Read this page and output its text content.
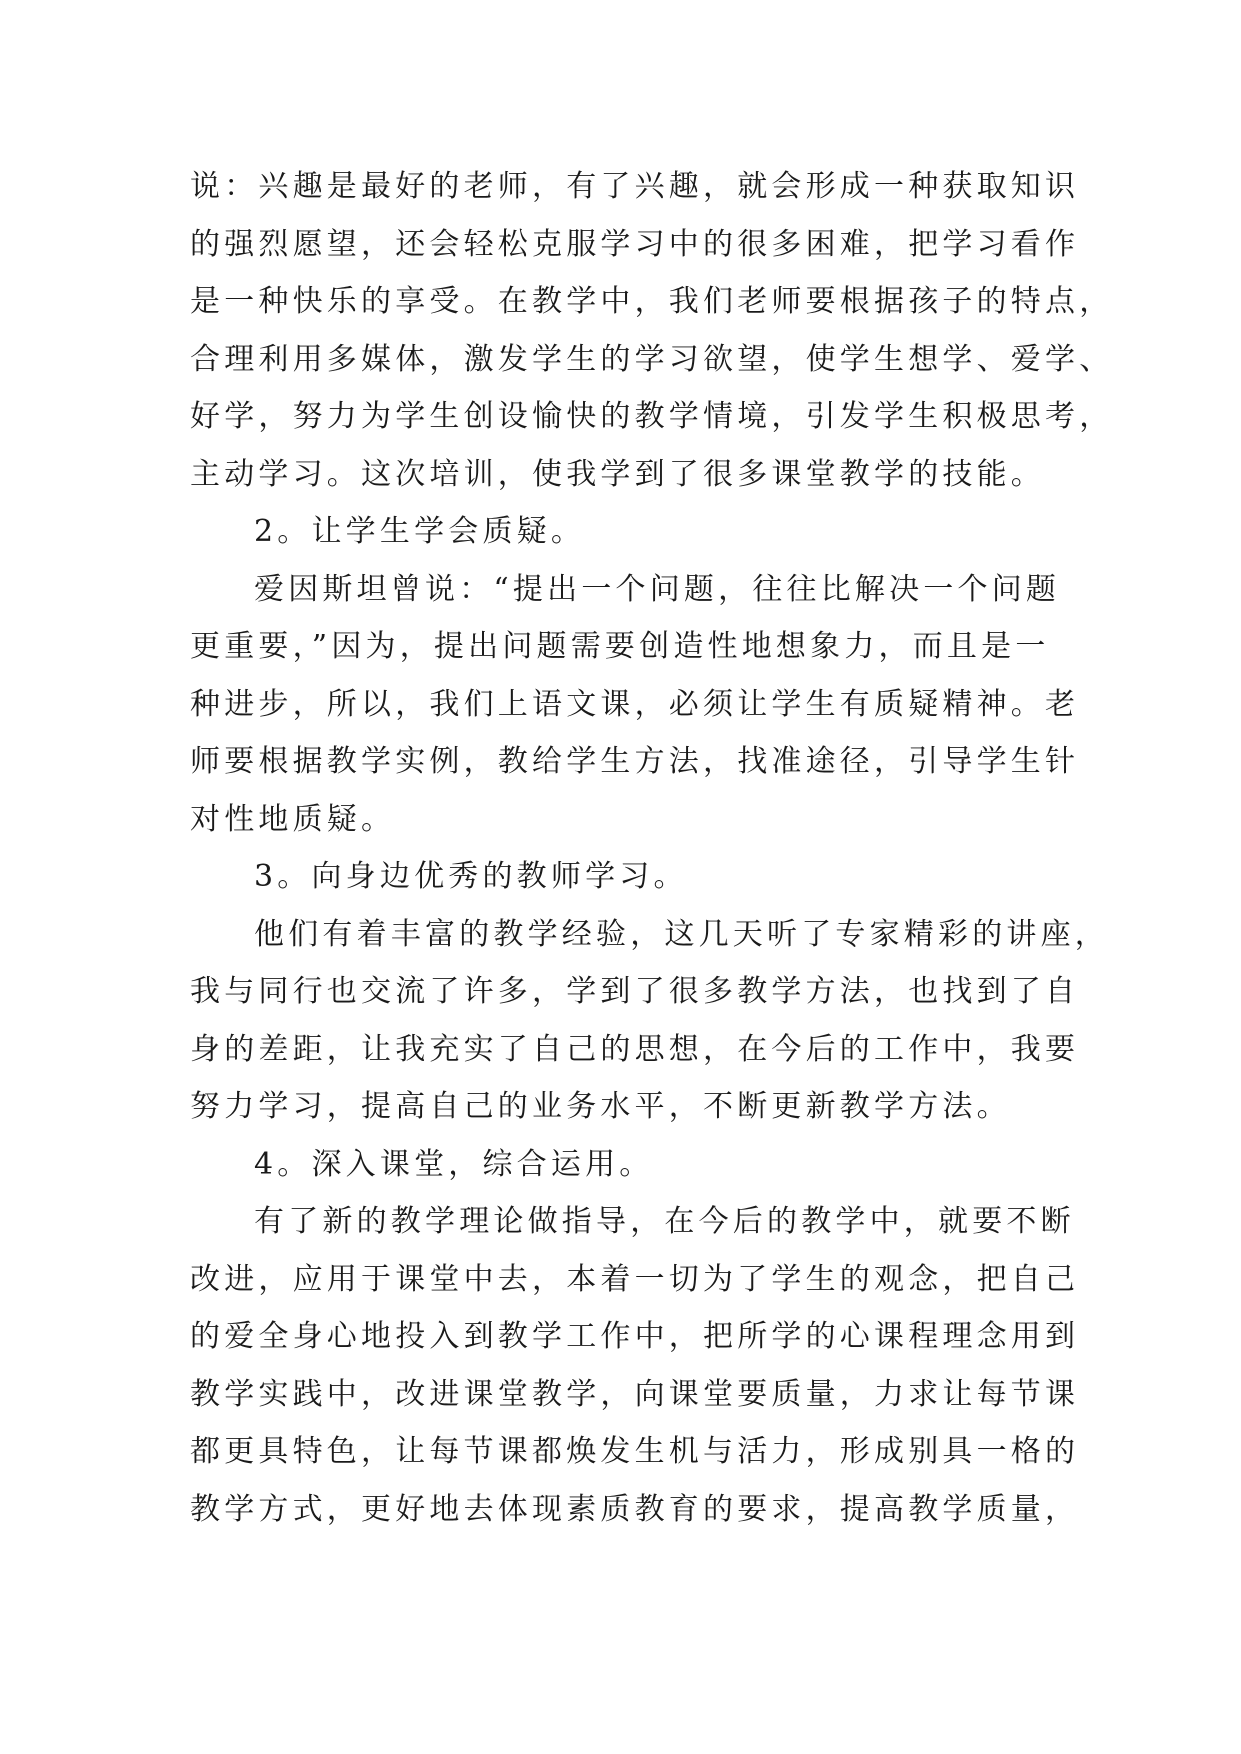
说：兴趣是最好的老师，有了兴趣，就会形成一种获取知识
的强烈愿望，还会轻松克服学习中的很多困难，把学习看作
是一种快乐的享受。在教学中，我们老师要根据孩子的特点，
合理利用多媒体，激发学生的学习欲望，使学生想学、爱学、
好学，努力为学生创设愉快的教学情境，引发学生积极思考，
主动学习。这次培训，使我学到了很多课堂教学的技能。
2。让学生学会质疑。
爱因斯坦曾说：“提出一个问题，往往比解决一个问题
更重要，”因为，提出问题需要创造性地想象力，而且是一
种进步，所以，我们上语文课，必须让学生有质疑精神。老
师要根据教学实例，教给学生方法，找准途径，引导学生针
对性地质疑。
3。向身边优秀的教师学习。
他们有着丰富的教学经验，这几天听了专家精彩的讲座，
我与同行也交流了许多，学到了很多教学方法，也找到了自
身的差距，让我充实了自己的思想，在今后的工作中，我要
努力学习，提高自己的业务水平，不断更新教学方法。
4。深入课堂，综合运用。
有了新的教学理论做指导，在今后的教学中，就要不断
改进，应用于课堂中去，本着一切为了学生的观念，把自己
的爱全身心地投入到教学工作中，把所学的心课程理念用到
教学实践中，改进课堂教学，向课堂要质量，力求让每节课
都更具特色，让每节课都焕发生机与活力，形成别具一格的
教学方式，更好地去体现素质教育的要求，提高教学质量，
